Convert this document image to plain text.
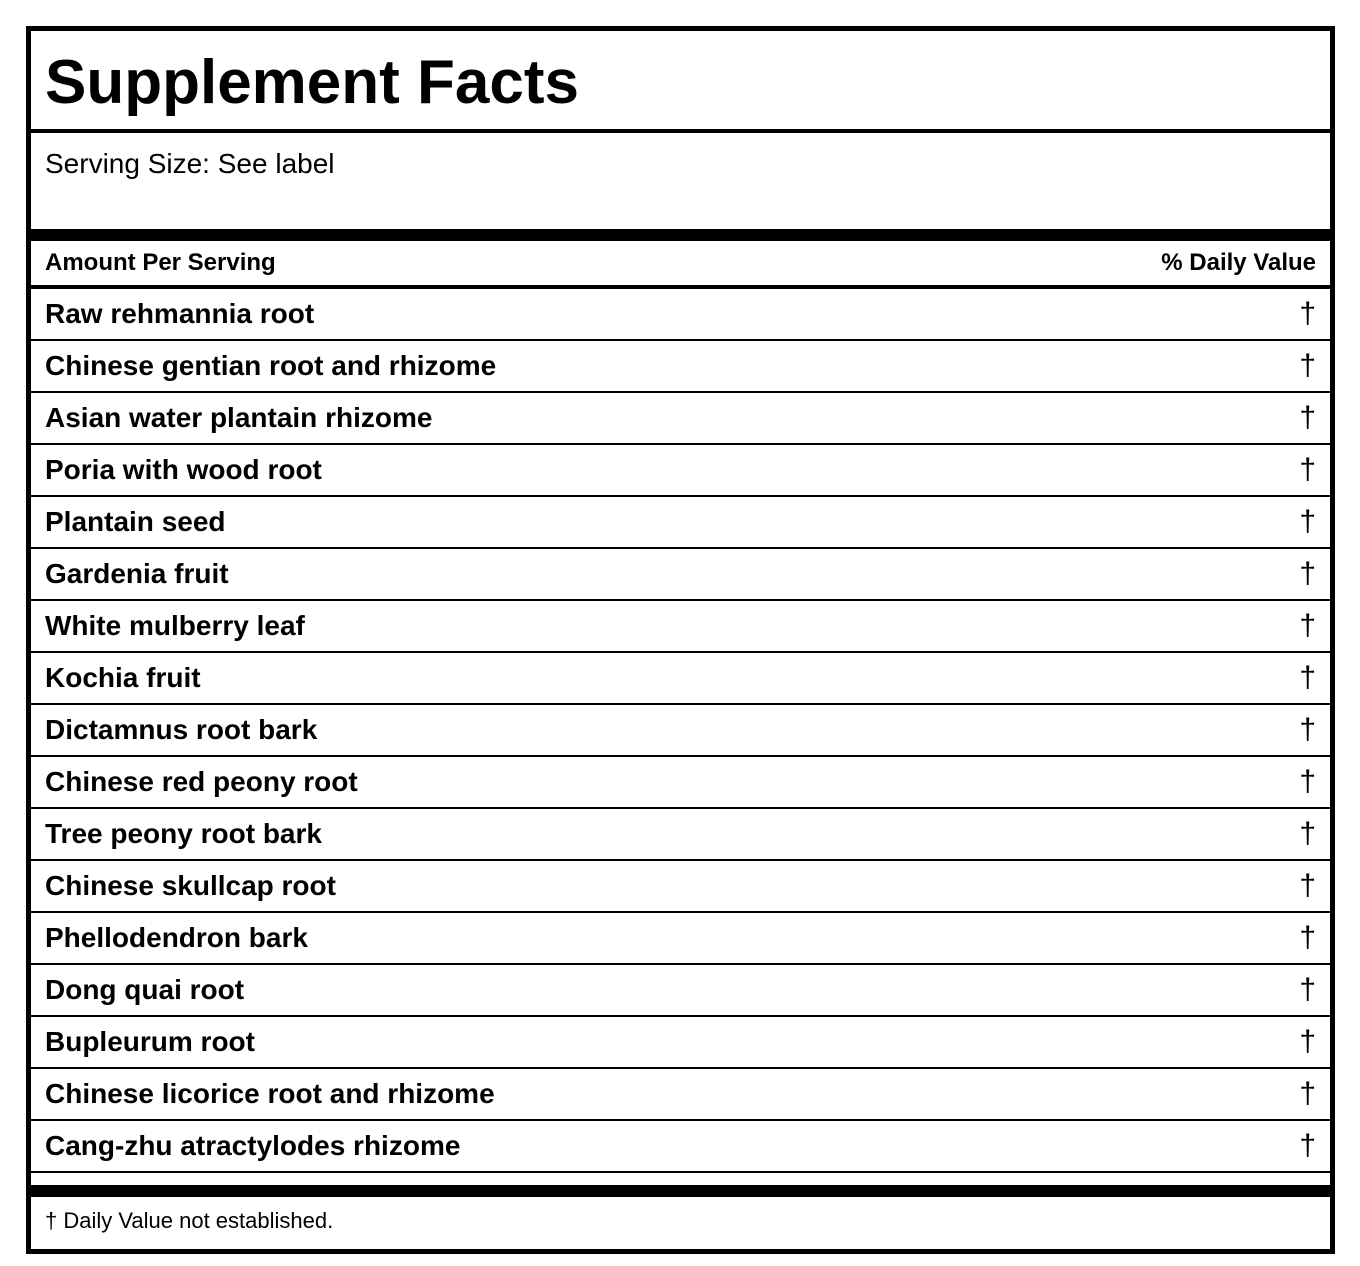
Supplement Facts
Serving Size: See label
Amount Per Serving	% Daily Value
Raw rehmannia root	†
Chinese gentian root and rhizome	†
Asian water plantain rhizome	†
Poria with wood root	†
Plantain seed	†
Gardenia fruit	†
White mulberry leaf	†
Kochia fruit	†
Dictamnus root bark	†
Chinese red peony root	†
Tree peony root bark	†
Chinese skullcap root	†
Phellodendron bark	†
Dong quai root	†
Bupleurum root	†
Chinese licorice root and rhizome	†
Cang-zhu atractylodes rhizome	†
† Daily Value not established.
